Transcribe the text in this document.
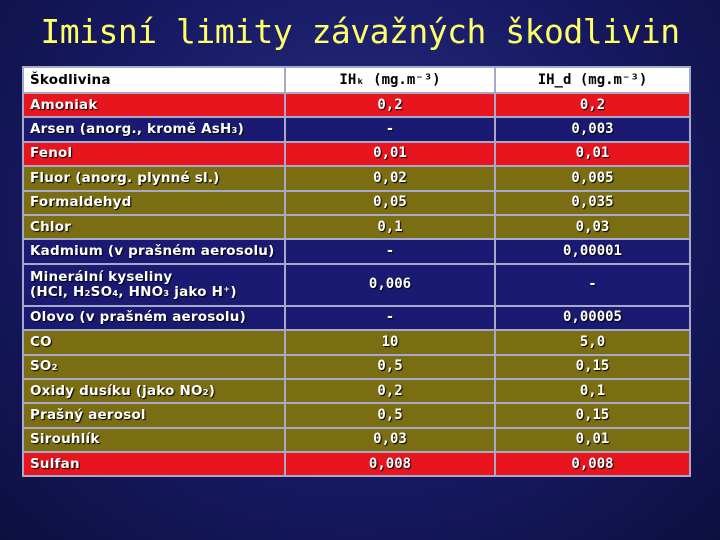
Imisní limity závažných škodlivin
Škodlivina	IHₖ (mg.m⁻³)	IH_d (mg.m⁻³)

Amoniak	0,2	0,2

Arsen (anorg., kromě AsH₃)	-	0,003

Fenol	0,01	0,01

Fluor (anorg. plynné sl.)	0,02	0,005

Formaldehyd	0,05	0,035

Chlor	0,1	0,03

Kadmium (v prašném aerosolu)	-	0,00001

Minerální kyseliny
(HCl, H₂SO₄, HNO₃ jako H⁺)	0,006	-

Olovo (v prašném aerosolu)	-	0,00005

CO	10	5,0

SO₂	0,5	0,15

Oxidy dusíku (jako NO₂)	0,2	0,1

Prašný aerosol	0,5	0,15

Sirouhlík	0,03	0,01

Sulfan	0,008	0,008
